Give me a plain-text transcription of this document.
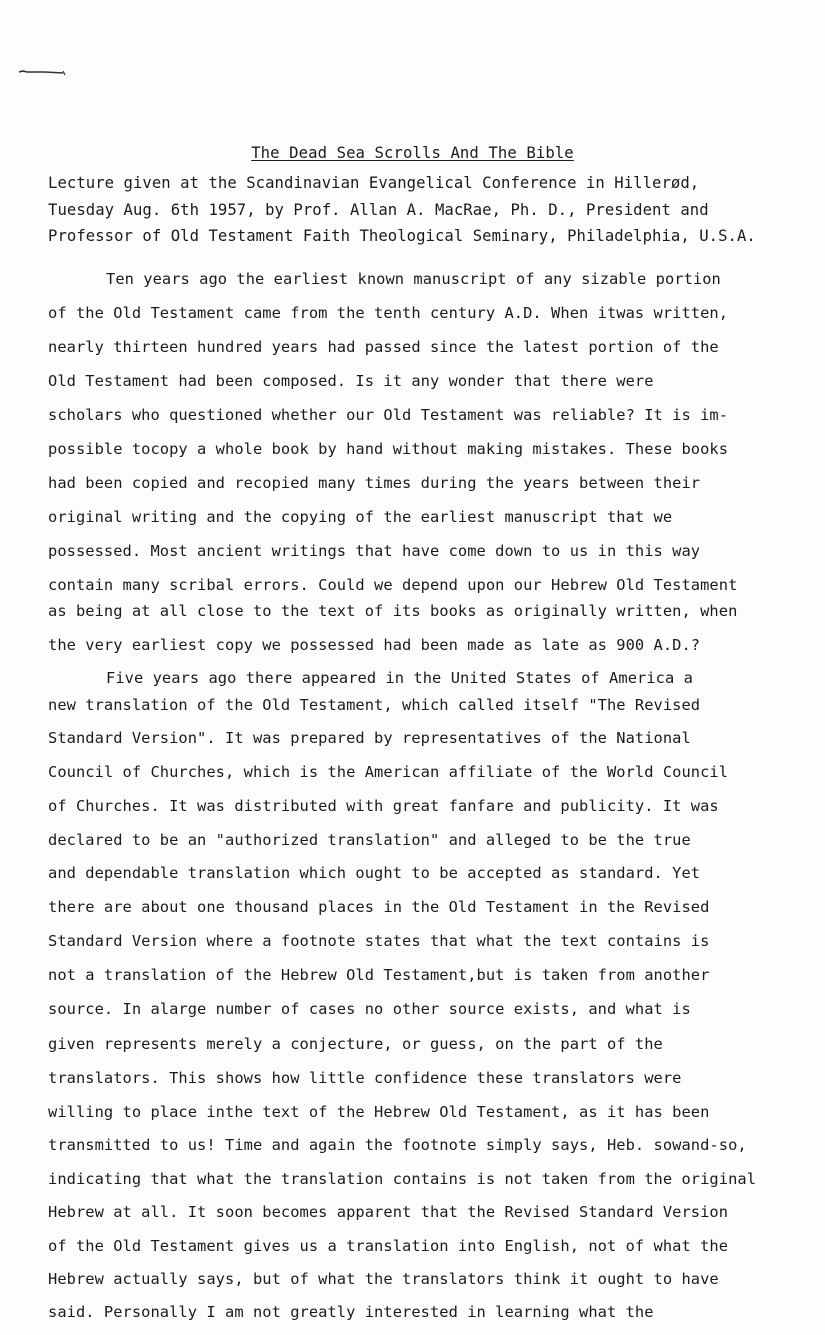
The Dead Sea Scrolls And The Bible
Lecture given at the Scandinavian Evangelical Conference in Hillerød,
Tuesday Aug. 6th 1957, by Prof. Allan A. MacRae, Ph. D., President and
Professor of Old Testament Faith Theological Seminary, Philadelphia, U.S.A.
Ten years ago the earliest known manuscript of any sizable portion
of the Old Testament came from the tenth century A.D. When itwas written,
nearly thirteen hundred years had passed since the latest portion of the
Old Testament had been composed. Is it any wonder that there were
scholars who questioned whether our Old Testament was reliable? It is im-
possible tocopy a whole book by hand without making mistakes. These books
had been copied and recopied many times during the years between their
original writing and the copying of the earliest manuscript that we
possessed. Most ancient writings that have come down to us in this way
contain many scribal errors. Could we depend upon our Hebrew Old Testament
as being at all close to the text of its books as originally written, when
the very earliest copy we possessed had been made as late as 900 A.D.?
Five years ago there appeared in the United States of America a
new translation of the Old Testament, which called itself "The Revised
Standard Version". It was prepared by representatives of the National
Council of Churches, which is the American affiliate of the World Council
of Churches. It was distributed with great fanfare and publicity. It was
declared to be an "authorized translation" and alleged to be the true
and dependable translation which ought to be accepted as standard. Yet
there are about one thousand places in the Old Testament in the Revised
Standard Version where a footnote states that what the text contains is
not a translation of the Hebrew Old Testament,but is taken from another
source. In alarge number of cases no other source exists, and what is
given represents merely a conjecture, or guess, on the part of the
translators. This shows how little confidence these translators were
willing to place inthe text of the Hebrew Old Testament, as it has been
transmitted to us! Time and again the footnote simply says, Heb. sowand-so,
indicating that what the translation contains is not taken from the original
Hebrew at all. It soon becomes apparent that the Revised Standard Version
of the Old Testament gives us a translation into English, not of what the
Hebrew actually says, but of what the translators think it ought to have
said. Personally I am not greatly interested in learning what the
